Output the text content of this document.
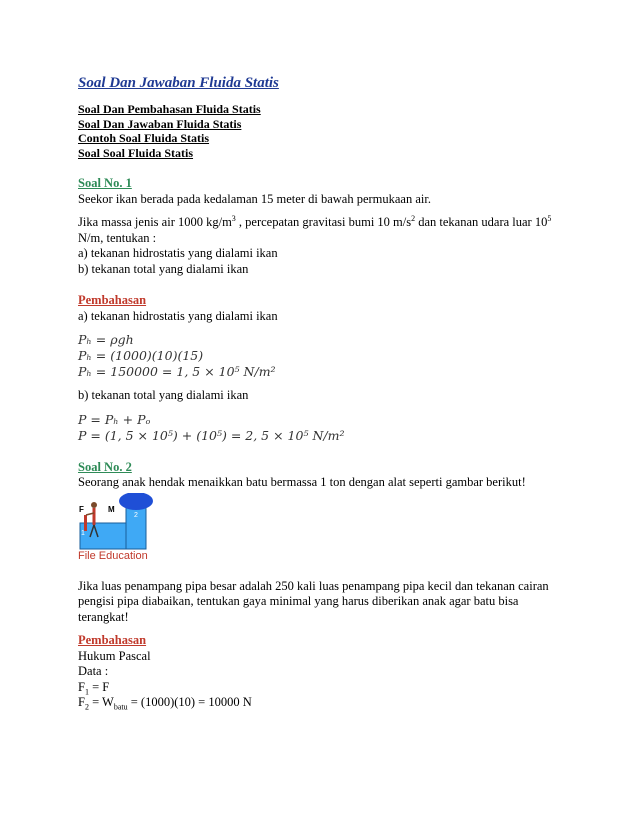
Soal Dan Jawaban Fluida Statis
Soal Dan Pembahasan Fluida Statis
Soal Dan Jawaban Fluida Statis
Contoh Soal Fluida Statis
Soal Soal Fluida Statis
Soal No. 1
Seekor ikan berada pada kedalaman 15 meter di bawah permukaan air.
Jika massa jenis air 1000 $kg/m^3$ , percepatan gravitasi bumi 10 $m/s^2$ dan tekanan udara luar $10^5$
N/m, tentukan :
a) tekanan hidrostatis yang dialami ikan
b) tekanan total yang dialami ikan
Pembahasan
a) tekanan hidrostatis yang dialami ikan
Pₕ = ρgh
Pₕ = (1000)(10)(15)
Pₕ = 150000 = 1, 5 × 10⁵ N/m²
b) tekanan total yang dialami ikan
P = Pₕ + Pₒ
P = (1, 5 × 10⁵) + (10⁵) = 2, 5 × 10⁵ N/m²
Soal No. 2
Seorang anak hendak menaikkan batu bermassa 1 ton dengan alat seperti gambar berikut!
F	M
1
2
File Education
Jika luas penampang pipa besar adalah 250 kali luas penampang pipa kecil dan tekanan cairan
pengisi pipa diabaikan, tentukan gaya minimal yang harus diberikan anak agar batu bisa
terangkat!
Pembahasan
Hukum Pascal
Data :
$F_1 = F$
$F_2 = W_{batu} = (1000)(10) = 10000$ N
